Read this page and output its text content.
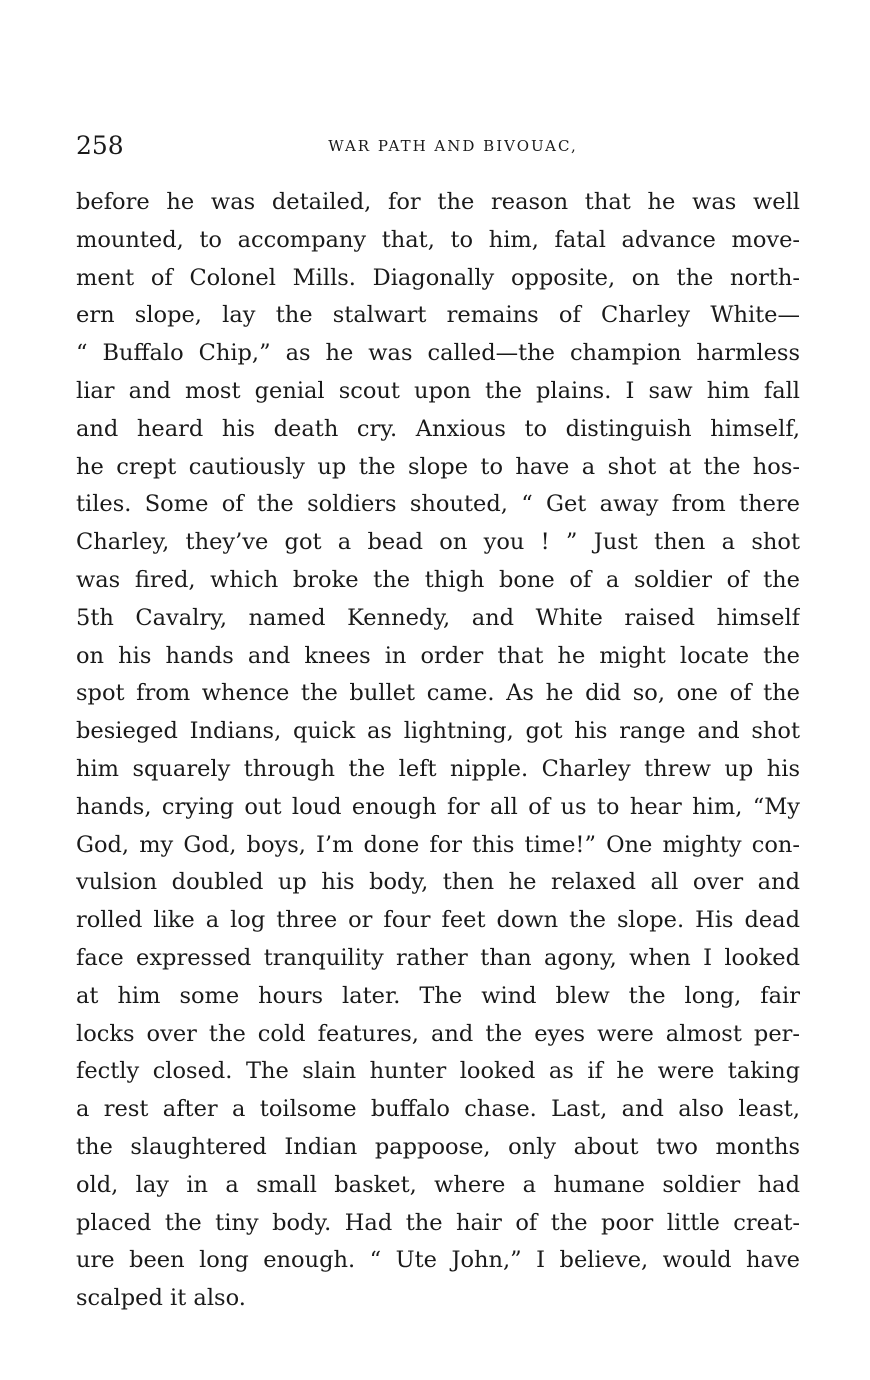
258	WAR PATH AND BIVOUAC,
before he was detailed, for the reason that he was well
mounted, to accompany that, to him, fatal advance move-
ment of Colonel Mills. Diagonally opposite, on the north-
ern slope, lay the stalwart remains of Charley White—
“ Buffalo Chip,” as he was called—the champion harmless
liar and most genial scout upon the plains. I saw him fall
and heard his death cry. Anxious to distinguish himself,
he crept cautiously up the slope to have a shot at the hos-
tiles. Some of the soldiers shouted, “ Get away from there
Charley, they’ve got a bead on you ! ” Just then a shot
was fired, which broke the thigh bone of a soldier of the
5th Cavalry, named Kennedy, and White raised himself
on his hands and knees in order that he might locate the
spot from whence the bullet came. As he did so, one of the
besieged Indians, quick as lightning, got his range and shot
him squarely through the left nipple. Charley threw up his
hands, crying out loud enough for all of us to hear him, “My
God, my God, boys, I’m done for this time!” One mighty con-
vulsion doubled up his body, then he relaxed all over and
rolled like a log three or four feet down the slope. His dead
face expressed tranquility rather than agony, when I looked
at him some hours later. The wind blew the long, fair
locks over the cold features, and the eyes were almost per-
fectly closed. The slain hunter looked as if he were taking
a rest after a toilsome buffalo chase. Last, and also least,
the slaughtered Indian pappoose, only about two months
old, lay in a small basket, where a humane soldier had
placed the tiny body. Had the hair of the poor little creat-
ure been long enough. “ Ute John,” I believe, would have
scalped it also.
